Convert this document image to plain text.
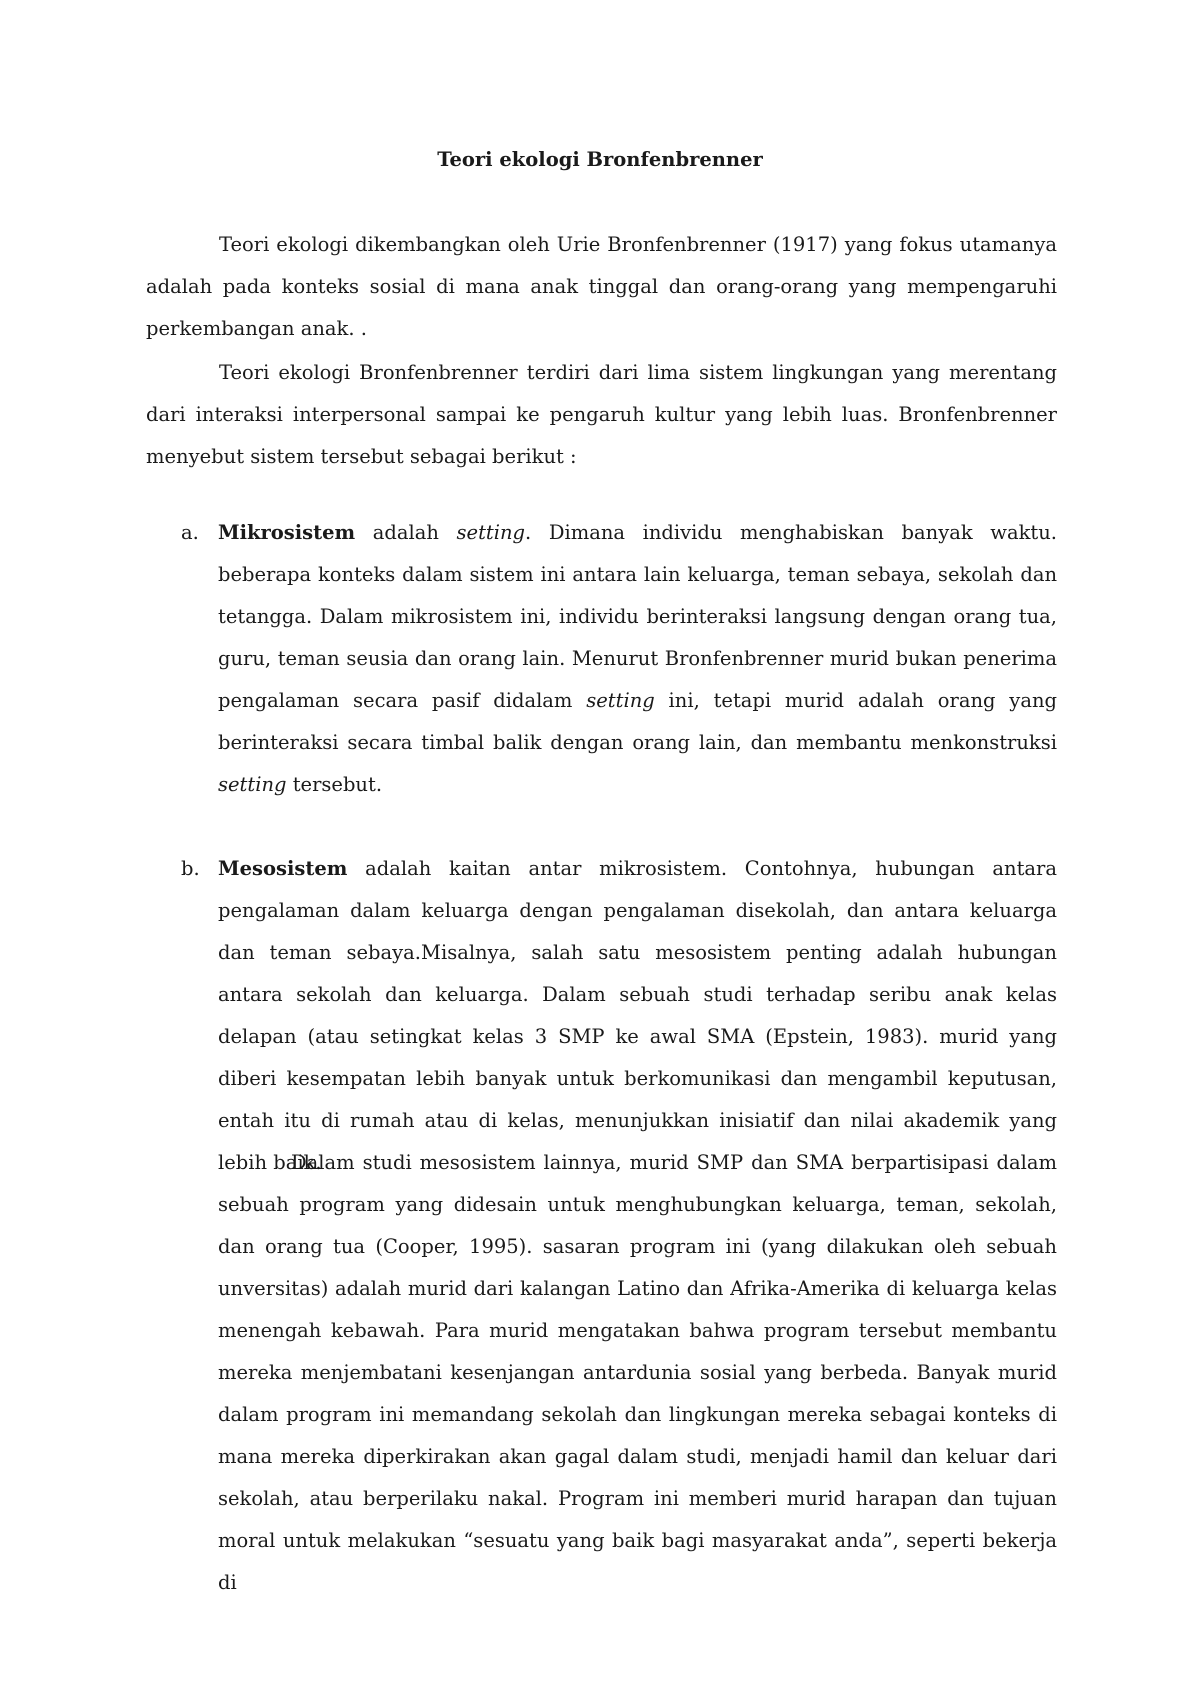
Teori ekologi Bronfenbrenner
Teori ekologi dikembangkan oleh Urie Bronfenbrenner (1917) yang fokus utamanya adalah pada konteks sosial di mana anak tinggal dan orang-orang yang mempengaruhi perkembangan anak. .
Teori ekologi Bronfenbrenner terdiri dari lima sistem lingkungan yang merentang dari interaksi interpersonal sampai ke pengaruh kultur yang lebih luas. Bronfenbrenner menyebut sistem tersebut sebagai berikut :
a. Mikrosistem adalah setting. Dimana individu menghabiskan banyak waktu. beberapa konteks dalam sistem ini antara lain keluarga, teman sebaya, sekolah dan tetangga. Dalam mikrosistem ini, individu berinteraksi langsung dengan orang tua, guru, teman seusia dan orang lain. Menurut Bronfenbrenner murid bukan penerima pengalaman secara pasif didalam setting ini, tetapi murid adalah orang yang berinteraksi secara timbal balik dengan orang lain, dan membantu menkonstruksi setting tersebut.
b. Mesosistem adalah kaitan antar mikrosistem. Contohnya, hubungan antara pengalaman dalam keluarga dengan pengalaman disekolah, dan antara keluarga dan teman sebaya.Misalnya, salah satu mesosistem penting adalah hubungan antara sekolah dan keluarga. Dalam sebuah studi terhadap seribu anak kelas delapan (atau setingkat kelas 3 SMP ke awal SMA (Epstein, 1983). murid yang diberi kesempatan lebih banyak untuk berkomunikasi dan mengambil keputusan, entah itu di rumah atau di kelas, menunjukkan inisiatif dan nilai akademik yang lebih baik.
Dalam studi mesosistem lainnya, murid SMP dan SMA berpartisipasi dalam sebuah program yang didesain untuk menghubungkan keluarga, teman, sekolah, dan orang tua (Cooper, 1995). sasaran program ini (yang dilakukan oleh sebuah unversitas) adalah murid dari kalangan Latino dan Afrika-Amerika di keluarga kelas menengah kebawah. Para murid mengatakan bahwa program tersebut membantu mereka menjembatani kesenjangan antardunia sosial yang berbeda. Banyak murid dalam program ini memandang sekolah dan lingkungan mereka sebagai konteks di mana mereka diperkirakan akan gagal dalam studi, menjadi hamil dan keluar dari sekolah, atau berperilaku nakal. Program ini memberi murid harapan dan tujuan moral untuk melakukan “sesuatu yang baik bagi masyarakat anda”, seperti bekerja di
